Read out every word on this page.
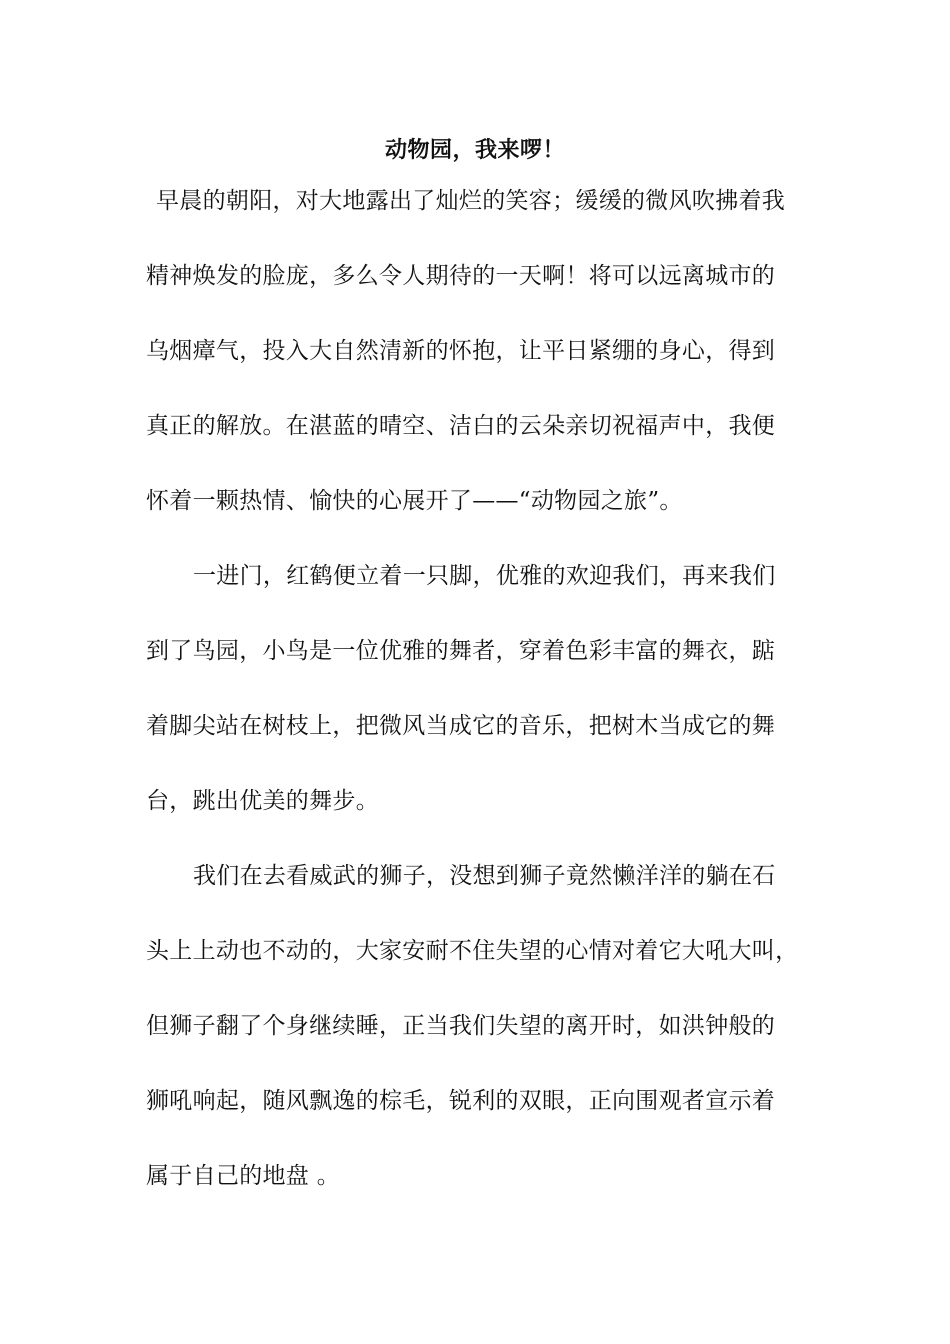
动物园，我来啰！
早晨的朝阳，对大地露出了灿烂的笑容；缓缓的微风吹拂着我
精神焕发的脸庞，多么令人期待的一天啊！将可以远离城市的
乌烟瘴气，投入大自然清新的怀抱，让平日紧绷的身心，得到
真正的解放。在湛蓝的晴空、洁白的云朵亲切祝福声中，我便
怀着一颗热情、愉快的心展开了——“动物园之旅”。
一进门，红鹤便立着一只脚，优雅的欢迎我们，再来我们
到了鸟园，小鸟是一位优雅的舞者，穿着色彩丰富的舞衣，踮
着脚尖站在树枝上，把微风当成它的音乐，把树木当成它的舞
台，跳出优美的舞步。
我们在去看威武的狮子，没想到狮子竟然懒洋洋的躺在石
头上上动也不动的，大家安耐不住失望的心情对着它大吼大叫，
但狮子翻了个身继续睡，正当我们失望的离开时，如洪钟般的
狮吼响起，随风飘逸的棕毛，锐利的双眼，正向围观者宣示着
属于自己的地盘 。
